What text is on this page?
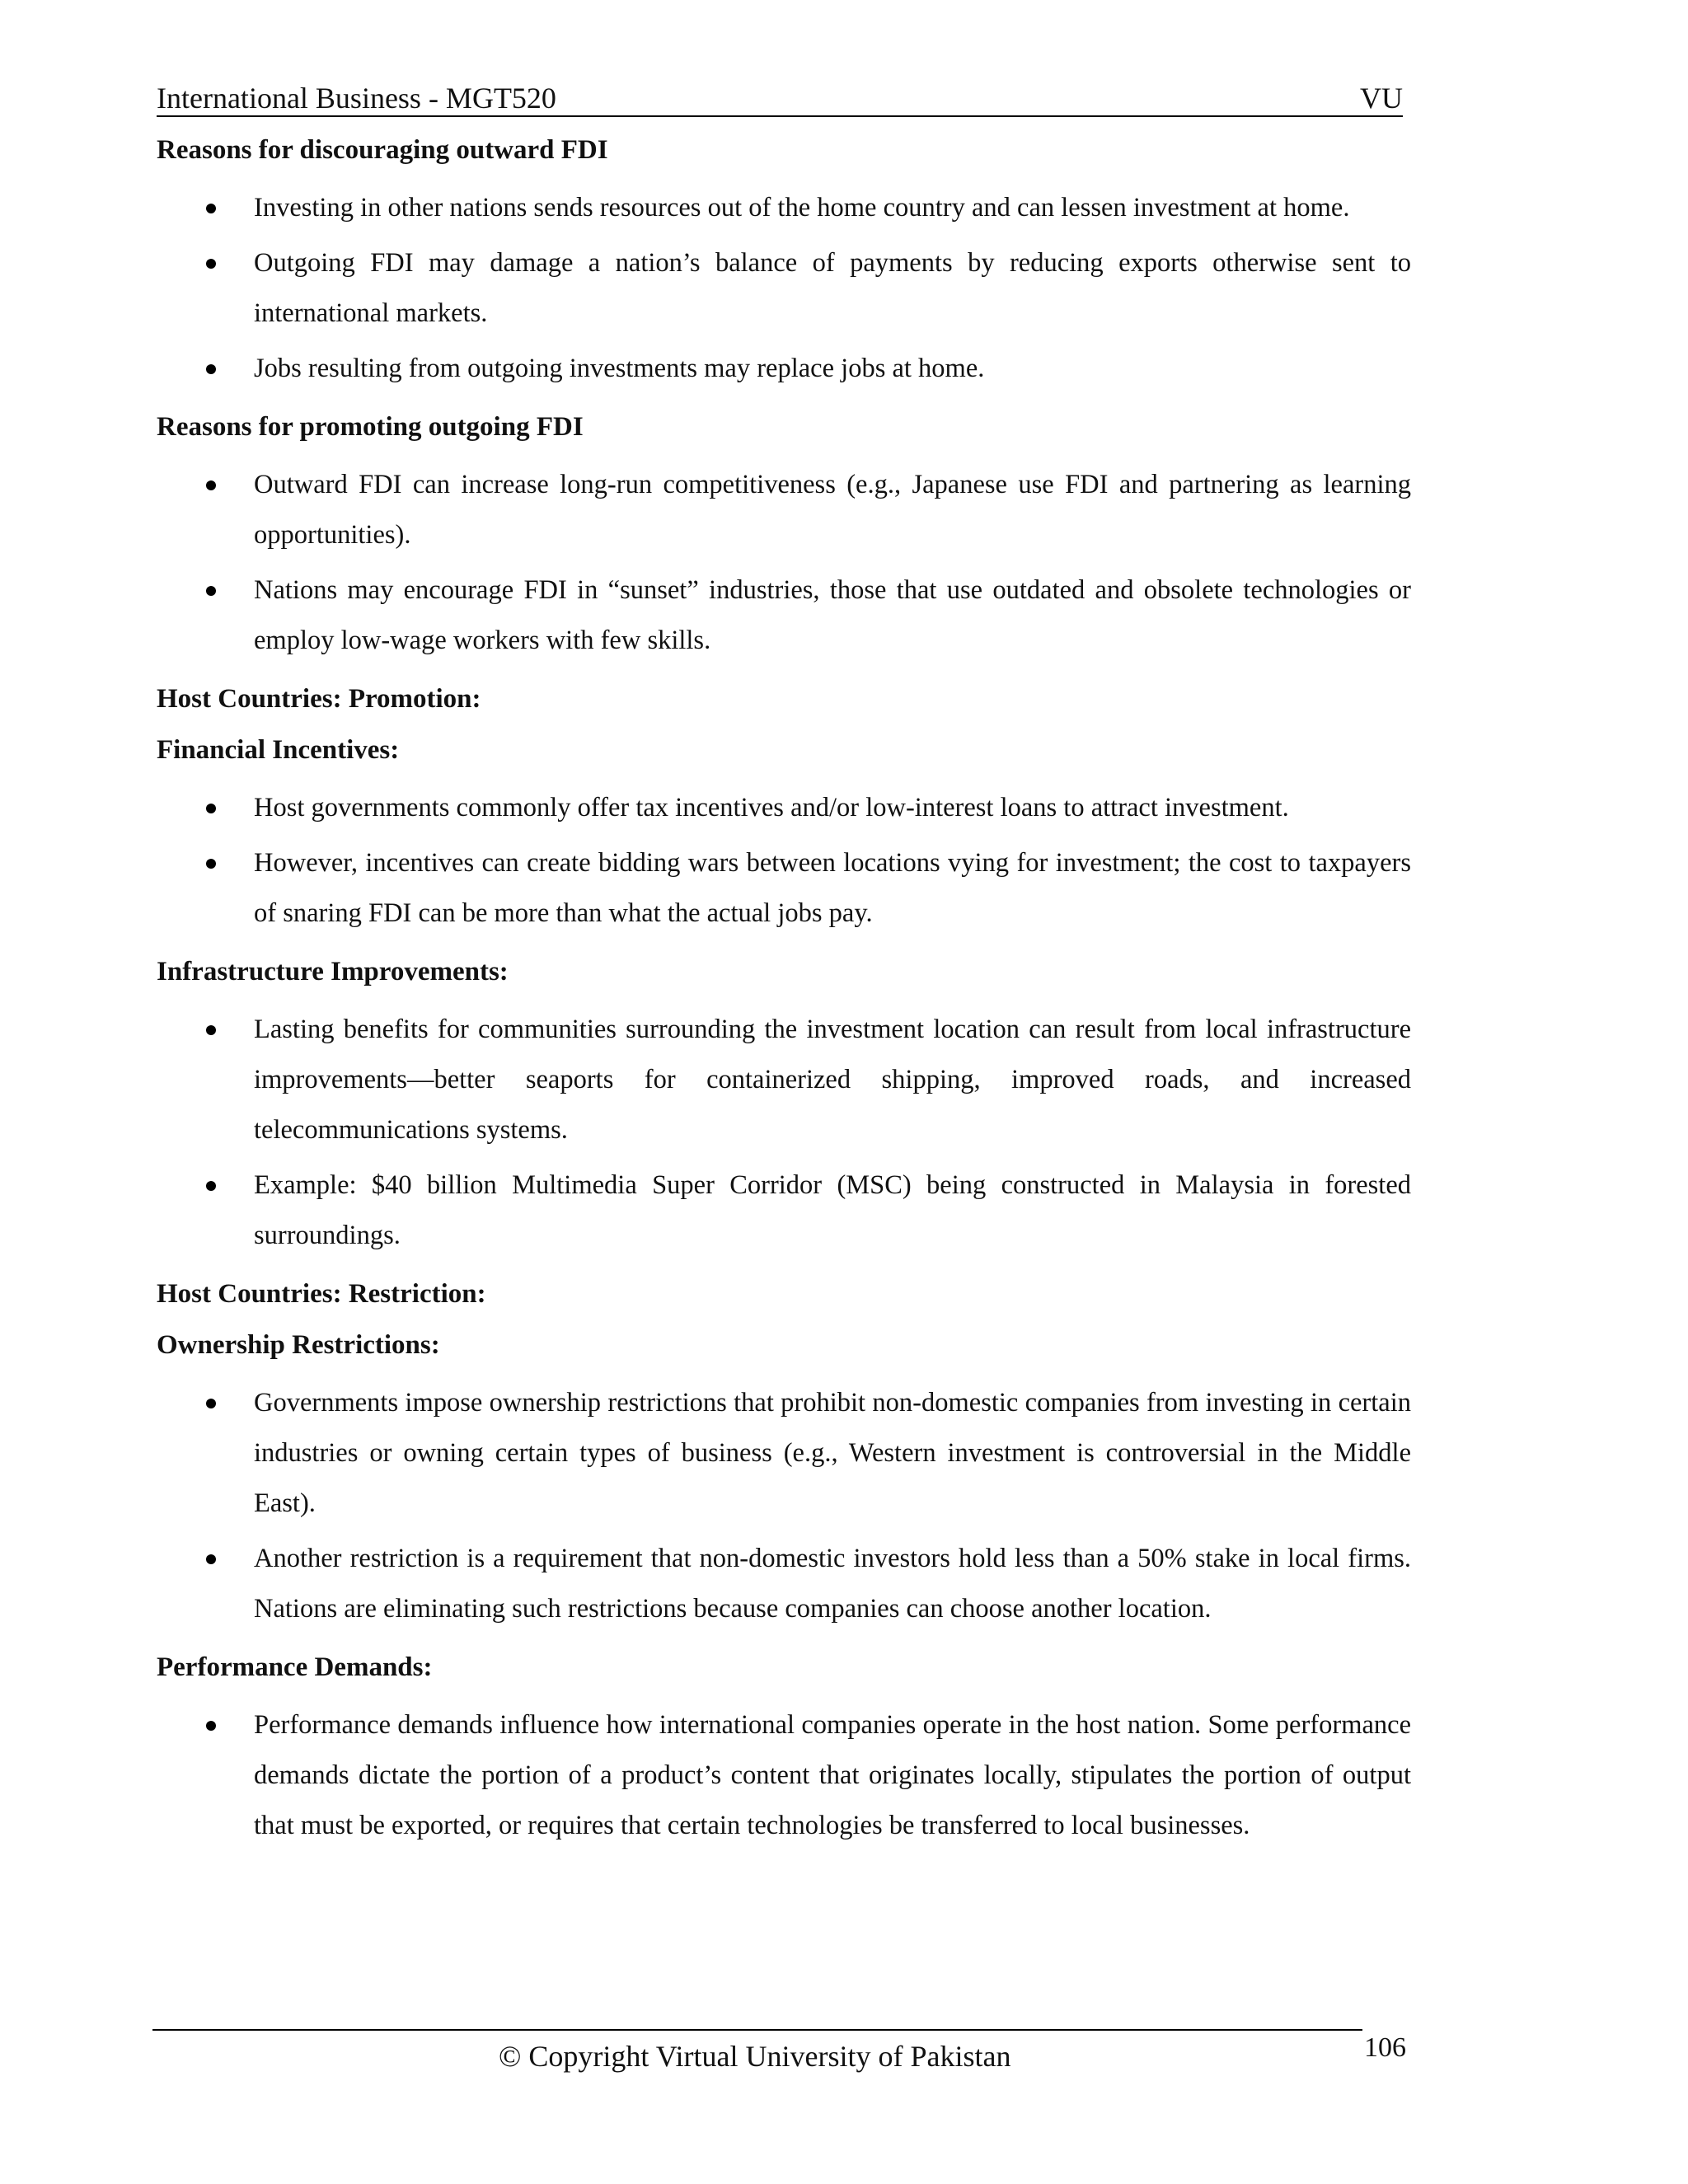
International Business - MGT520	VU
Reasons for discouraging outward FDI
Investing in other nations sends resources out of the home country and can lessen investment at home.
Outgoing FDI may damage a nation’s balance of payments by reducing exports otherwise sent to international markets.
Jobs resulting from outgoing investments may replace jobs at home.
Reasons for promoting outgoing FDI
Outward FDI can increase long-run competitiveness (e.g., Japanese use FDI and partnering as learning opportunities).
Nations may encourage FDI in “sunset” industries, those that use outdated and obsolete technologies or employ low-wage workers with few skills.
Host Countries: Promotion:
Financial Incentives:
Host governments commonly offer tax incentives and/or low-interest loans to attract investment.
However, incentives can create bidding wars between locations vying for investment; the cost to taxpayers of snaring FDI can be more than what the actual jobs pay.
Infrastructure Improvements:
Lasting benefits for communities surrounding the investment location can result from local infrastructure improvements—better seaports for containerized shipping, improved roads, and increased telecommunications systems.
Example: $40 billion Multimedia Super Corridor (MSC) being constructed in Malaysia in forested surroundings.
Host Countries: Restriction:
Ownership Restrictions:
Governments impose ownership restrictions that prohibit non-domestic companies from investing in certain industries or owning certain types of business (e.g., Western investment is controversial in the Middle East).
Another restriction is a requirement that non-domestic investors hold less than a 50% stake in local firms. Nations are eliminating such restrictions because companies can choose another location.
Performance Demands:
Performance demands influence how international companies operate in the host nation. Some performance demands dictate the portion of a product’s content that originates locally, stipulates the portion of output that must be exported, or requires that certain technologies be transferred to local businesses.
© Copyright Virtual University of Pakistan	106
